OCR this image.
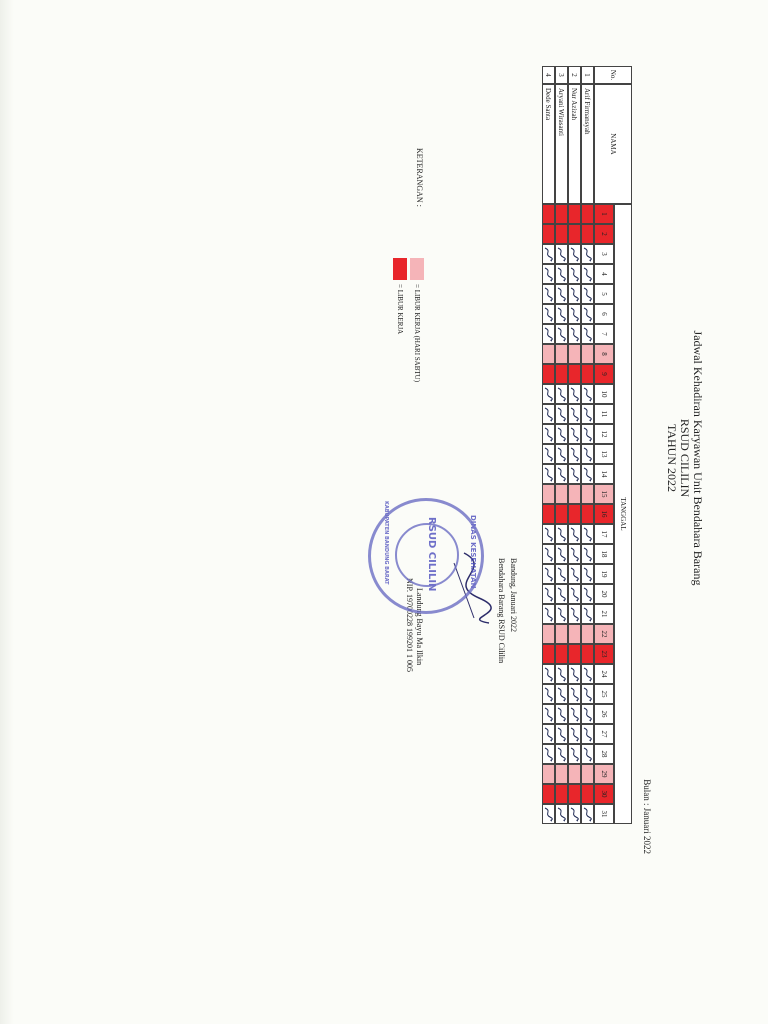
Jadwal Kehadiran Karyawan Unit Bendahara Barang
RSUD CILILIN
TAHUN 2022
Bulan : Januari 2022
No.
NAMA
TANGGAL
1
2
3
4
5
6
7
8
9
10
11
12
13
14
15
16
17
18
19
20
21
22
23
24
25
26
27
28
29
30
31
1
Arif Firmansyah
2
Nur Azizah
3
Aryani Wirasanti
4
Dede Santa
KETERANGAN :
= LIBUR KERJA (HARI SABTU)
= LIBUR KERJA
Bandung, Januari 2022
Bendahara Barang RSUD Cililin
Landung Bayu Ma Ilkin
NIP. 19700228 199201 1 005
RSUD CILILIN	DINAS KESEHATAN
KABUPATEN BANDUNG BARAT
